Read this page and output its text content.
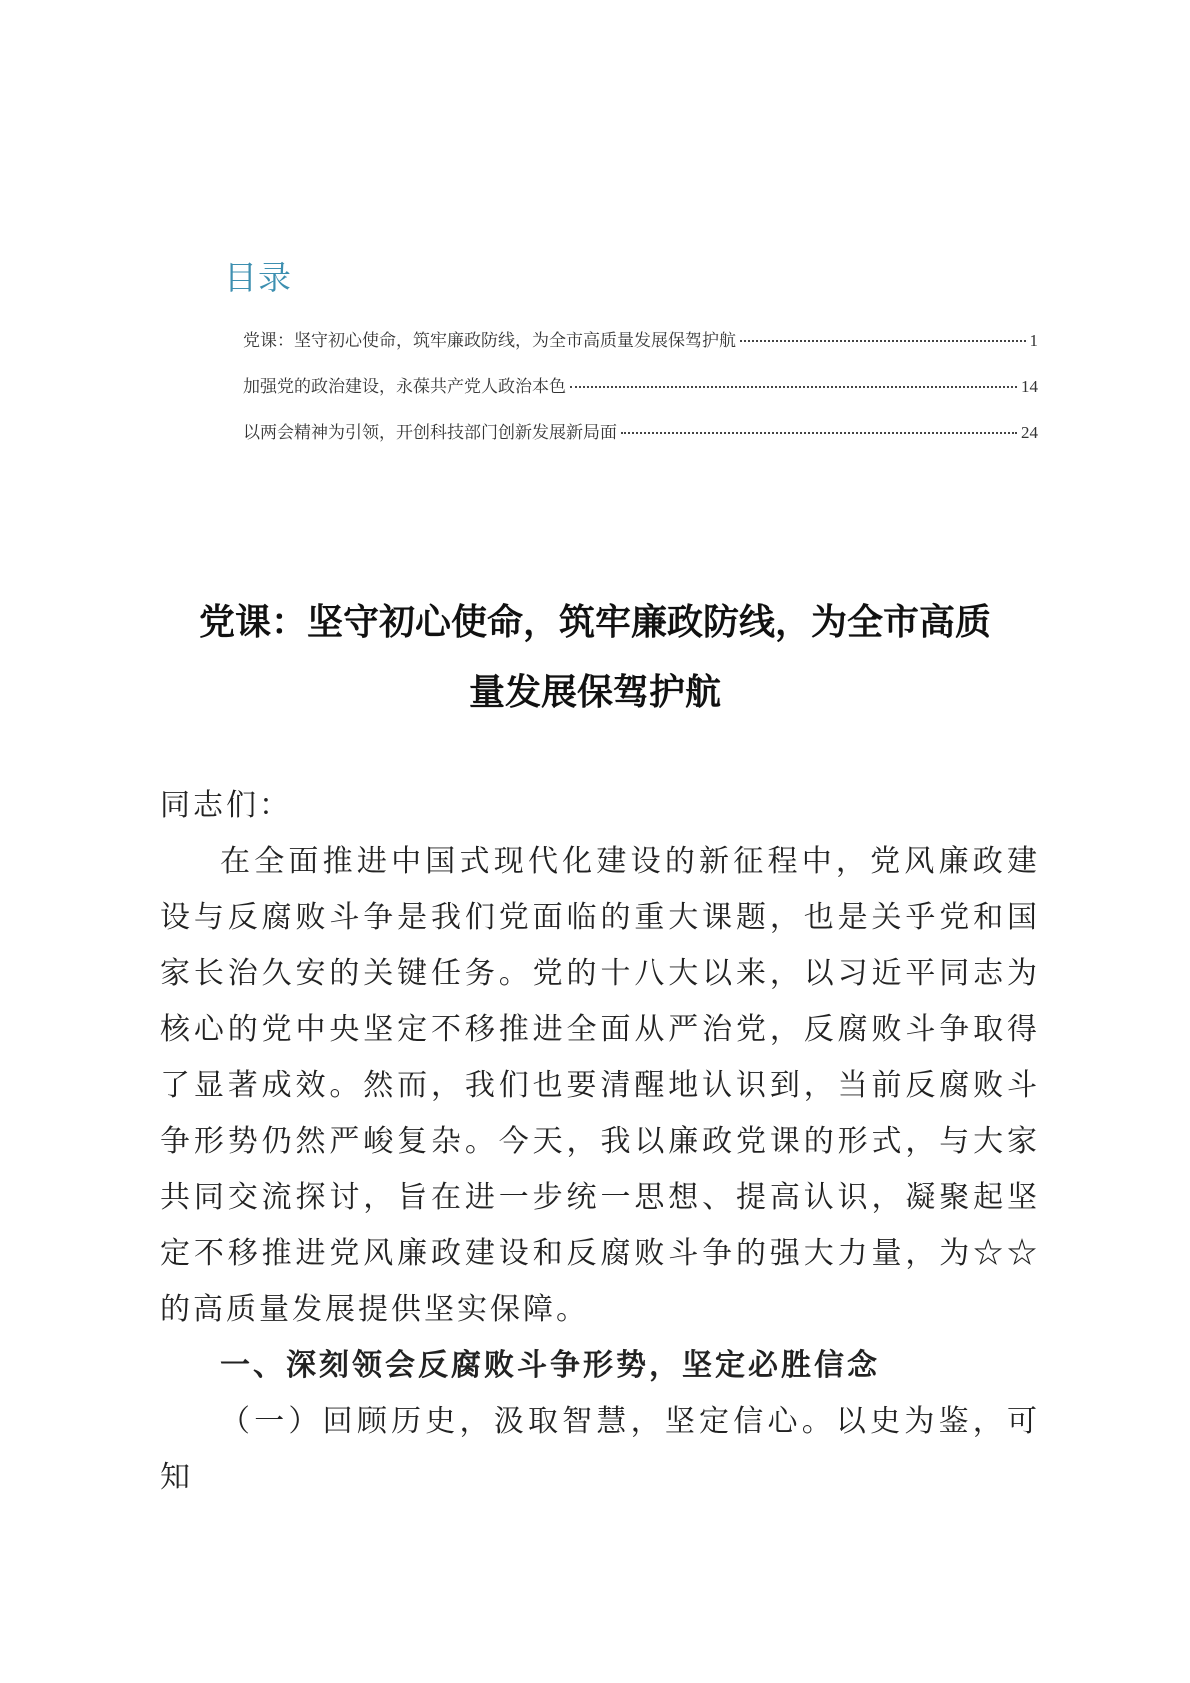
目录
党课：坚守初心使命，筑牢廉政防线，为全市高质量发展保驾护航	1
加强党的政治建设，永葆共产党人政治本色	14
以两会精神为引领，开创科技部门创新发展新局面	24
党课：坚守初心使命，筑牢廉政防线，为全市高质
量发展保驾护航

同志们：

在全面推进中国式现代化建设的新征程中，党风廉政建设与反腐败斗争是我们党面临的重大课题，也是关乎党和国家长治久安的关键任务。党的十八大以来，以习近平同志为核心的党中央坚定不移推进全面从严治党，反腐败斗争取得了显著成效。然而，我们也要清醒地认识到，当前反腐败斗争形势仍然严峻复杂。今天，我以廉政党课的形式，与大家共同交流探讨，旨在进一步统一思想、提高认识，凝聚起坚定不移推进党风廉政建设和反腐败斗争的强大力量，为☆☆的高质量发展提供坚实保障。

一、深刻领会反腐败斗争形势，坚定必胜信念

（一）回顾历史，汲取智慧，坚定信心。以史为鉴，可知
